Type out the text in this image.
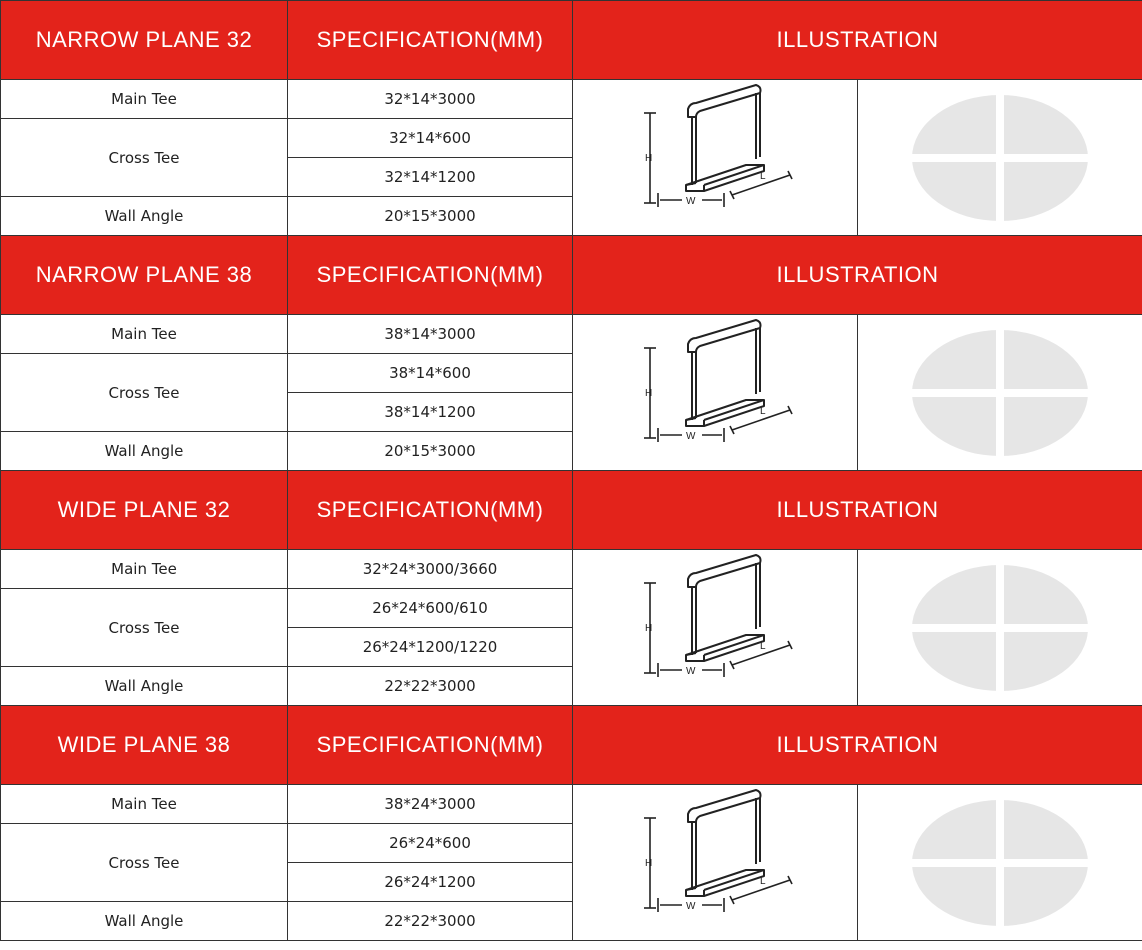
NARROW PLANE 32	SPECIFICATION(MM)	ILLUSTRATION	
Main Tee	32*14*3000	H
W
L

Cross Tee	32*14*600		
	32*14*1200		
Wall Angle	20*15*3000		
NARROW PLANE 38	SPECIFICATION(MM)	ILLUSTRATION	
Main Tee	38*14*3000	H
W
L

Cross Tee	38*14*600		
	38*14*1200		
Wall Angle	20*15*3000		
WIDE PLANE 32	SPECIFICATION(MM)	ILLUSTRATION	
Main Tee	32*24*3000/3660	H
W
L

Cross Tee	26*24*600/610		
	26*24*1200/1220		
Wall Angle	22*22*3000		
WIDE PLANE 38	SPECIFICATION(MM)	ILLUSTRATION	
Main Tee	38*24*3000	H
W
L

Cross Tee	26*24*600		
	26*24*1200		
Wall Angle	22*22*3000		
